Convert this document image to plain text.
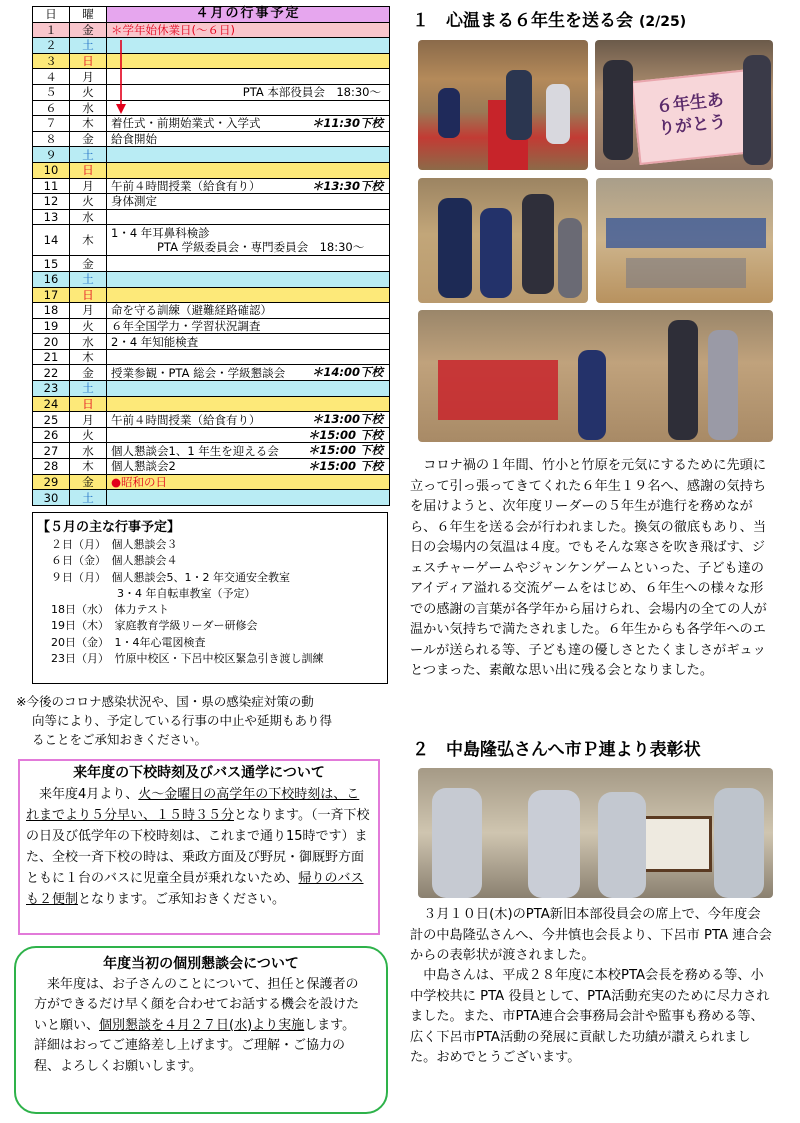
日	曜	４月の行事予定
１	金	＊学年始休業日(～６日)
２	土	
３	日	
４	月	
５	火	PTA 本部役員会　18:30～

６	水	
７	木	着任式・前期始業式・入学式 ＊11:30下校

８	金	給食開始
９	土	
10	日	
11	月	午前４時間授業（給食有り） ＊13:30下校

12	火	身体測定
13	水	
14	木	1・4 年耳鼻科検診
PTA 学級委員会・専門委員会　18:30～

15	金	
16	土	
17	日	
18	月	命を守る訓練（避難経路確認）
19	火	６年全国学力・学習状況調査
20	水	2・4 年知能検査
21	木	
22	金	授業参観・PTA 総会・学級懇談会 ＊14:00下校

23	土	
24	日	
25	月	午前４時間授業（給食有り） ＊13:00下校

26	火	＊15:00 下校

27	水	個人懇談会1、1 年生を迎える会 ＊15:00 下校

28	木	個人懇談会2 ＊15:00 下校

29	金	●昭和の日
30	土	
【５月の主な行事予定】
２日（月）　個人懇談会３
６日（金）　個人懇談会４
９日（月）　個人懇談会5、1・2 年交通安全教室
　　　　　　3・4 年自転車教室（予定）
18日（水）　体力テスト
19日（木）　家庭教育学級リーダー研修会
20日（金）　1・4年心電図検査
23日（月）　竹原中校区・下呂中校区緊急引き渡し訓練
※今後のコロナ感染状況や、国・県の感染症対策の動
向等により、予定している行事の中止や延期もあり得
ることをご承知おきください。
来年度の下校時刻及びバス通学について
来年度4月より、火～金曜日の高学年の下校時刻は、これまでより５分早い、１５時３５分となります。（一斉下校の日及び低学年の下校時刻は、これまで通り15時です）また、全校一斉下校の時は、乗政方面及び野尻・御厩野方面ともに１台のバスに児童全員が乗れないため、帰りのバスも２便制となります。ご承知おきください。
年度当初の個別懇談会について
来年度は、お子さんのことについて、担任と保護者の方ができるだけ早く顔を合わせてお話する機会を設けたいと願い、個別懇談を４月２７日(水)より実施します。詳細はおってご連絡差し上げます。ご理解・ご協力の程、よろしくお願いします。
１　心温まる６年生を送る会 (2/25)
６年生ありがとう
コロナ禍の１年間、竹小と竹原を元気にするために先頭に立って引っ張ってきてくれた６年生１９名へ、感謝の気持ちを届けようと、次年度リーダーの５年生が進行を務めながら、６年生を送る会が行われました。換気の徹底もあり、当日の会場内の気温は４度。でもそんな寒さを吹き飛ばす、ジェスチャーゲームやジャンケンゲームといった、子ども達のアイディア溢れる交流ゲームをはじめ、６年生への様々な形での感謝の言葉が各学年から届けられ、会場内の全ての人が温かい気持ちで満たされました。６年生からも各学年へのエールが送られる等、子ども達の優しさとたくましさがギュッとつまった、素敵な思い出に残る会となりました。
２　中島隆弘さんへ市Ｐ連より表彰状
３月１０日(木)のPTA新旧本部役員会の席上で、今年度会計の中島隆弘さんへ、今井慎也会長より、下呂市 PTA 連合会からの表彰状が渡されました。
中島さんは、平成２８年度に本校PTA会長を務める等、小中学校共に PTA 役員として、PTA活動充実のために尽力されました。また、市PTA連合会事務局会計や監事も務める等、広く下呂市PTA活動の発展に貢献した功績が讃えられました。おめでとうございます。
